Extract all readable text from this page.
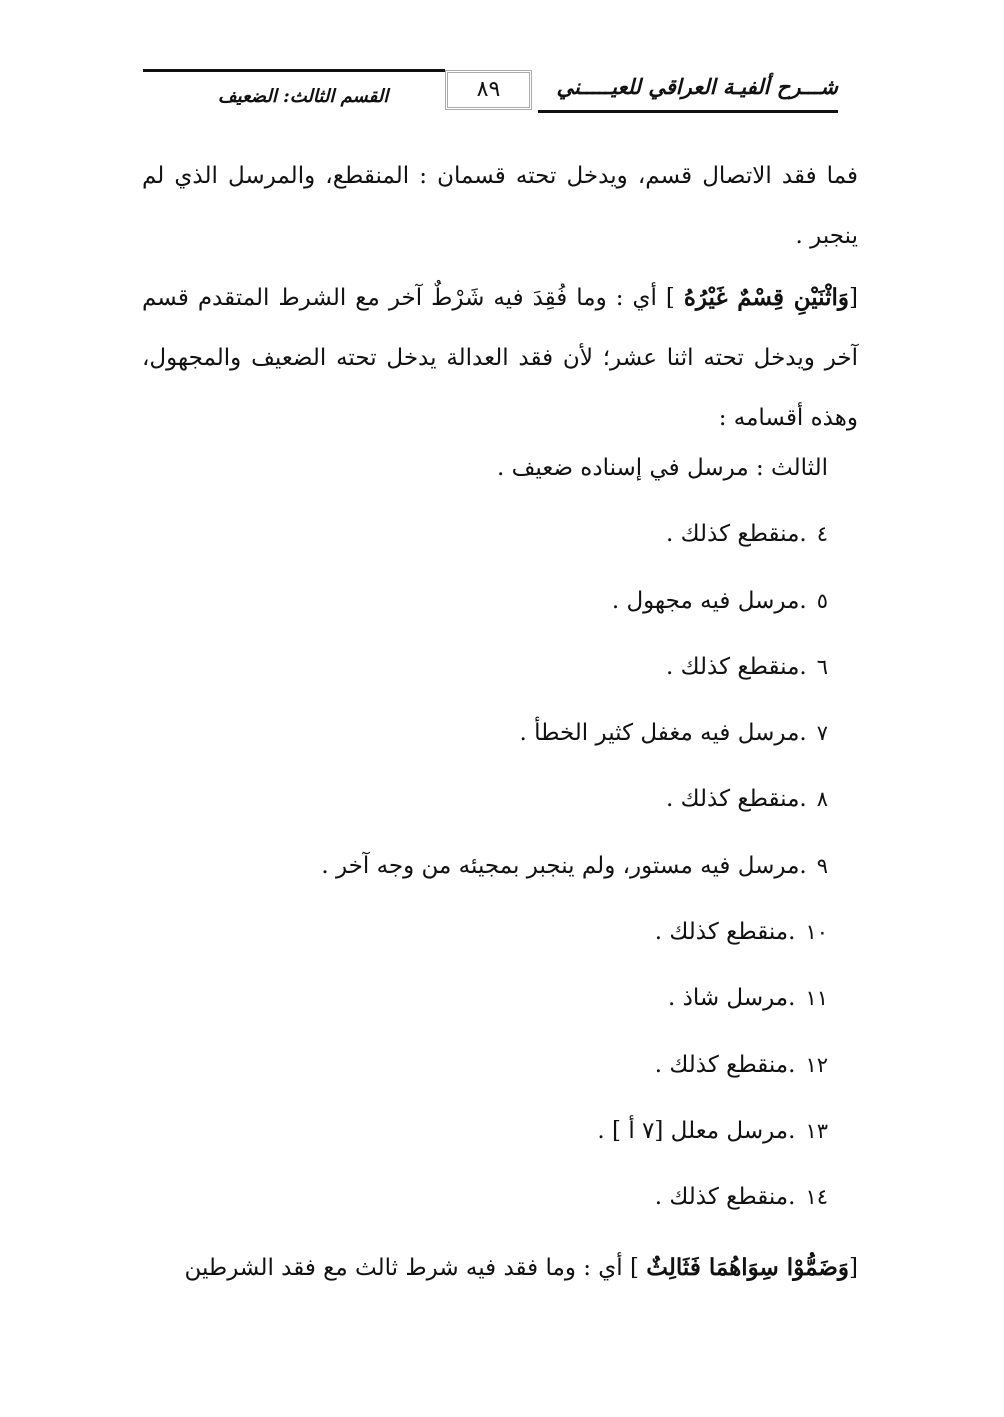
شـــرح ألفيـة العراقي للعيـــــني
٨٩
القسم الثالث: الضعيف
فما فقد الاتصال قسم، ويدخل تحته قسمان : المنقطع، والمرسل الذي لم ينجبر .
[وَاثْنَيْنِ قِسْمٌ غَيْرُهُ ] أي : وما فُقِدَ فيه شَرْطٌ آخر مع الشرط المتقدم قسم آخر ويدخل تحته اثنا عشر؛ لأن فقد العدالة يدخل تحته الضعيف والمجهول، وهذه أقسامه :
الثالث : مرسل في إسناده ضعيف .
٤.منقطع كذلك .
٥.مرسل فيه مجهول .
٦.منقطع كذلك .
٧.مرسل فيه مغفل كثير الخطأ .
٨.منقطع كذلك .
٩.مرسل فيه مستور، ولم ينجبر بمجيئه من وجه آخر .
١٠.منقطع كذلك .
١١.مرسل شاذ .
١٢.منقطع كذلك .
١٣.مرسل معلل [٧ أ ] .
١٤.منقطع كذلك .
[وَضَمُّوْا سِوَاهُمَا فَثَالِثٌ ] أي : وما فقد فيه شرط ثالث مع فقد الشرطين
